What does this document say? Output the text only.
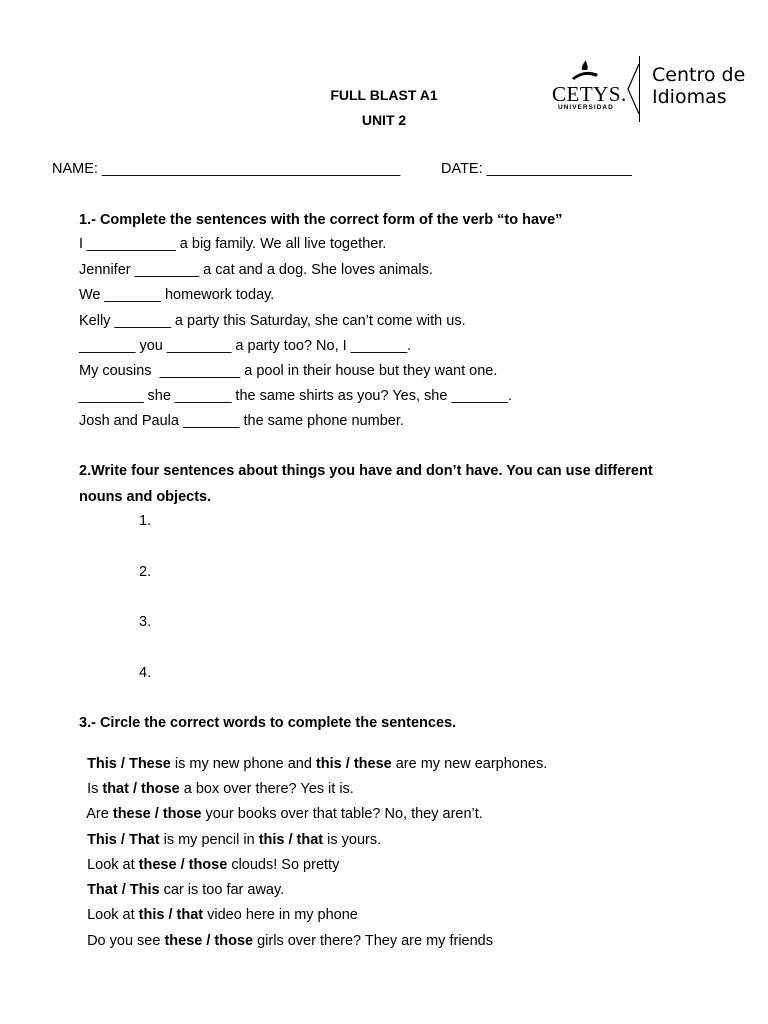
FULL BLAST A1
UNIT 2
CETYS.
UNIVERSIDAD
Centro de
Idiomas
NAME: _____________________________________	DATE: __________________
1.- Complete the sentences with the correct form of the verb “to have”
I ___________ a big family. We all live together.
Jennifer ________ a cat and a dog. She loves animals.
We _______ homework today.
Kelly _______ a party this Saturday, she can’t come with us.
_______ you ________ a party too? No, I _______.
My cousins  __________ a pool in their house but they want one.
________ she _______ the same shirts as you? Yes, she _______.
Josh and Paula _______ the same phone number.
2.Write four sentences about things you have and don’t have. You can use different
nouns and objects.
1.
2.
3.
4.
3.- Circle the correct words to complete the sentences.

This / These is my new phone and this / these are my new earphones.

Is that / those a box over there? Yes it is.

Are these / those your books over that table? No, they aren’t.

This / That is my pencil in this / that is yours.

Look at these / those clouds! So pretty

That / This car is too far away.

Look at this / that video here in my phone

Do you see these / those girls over there? They are my friends
